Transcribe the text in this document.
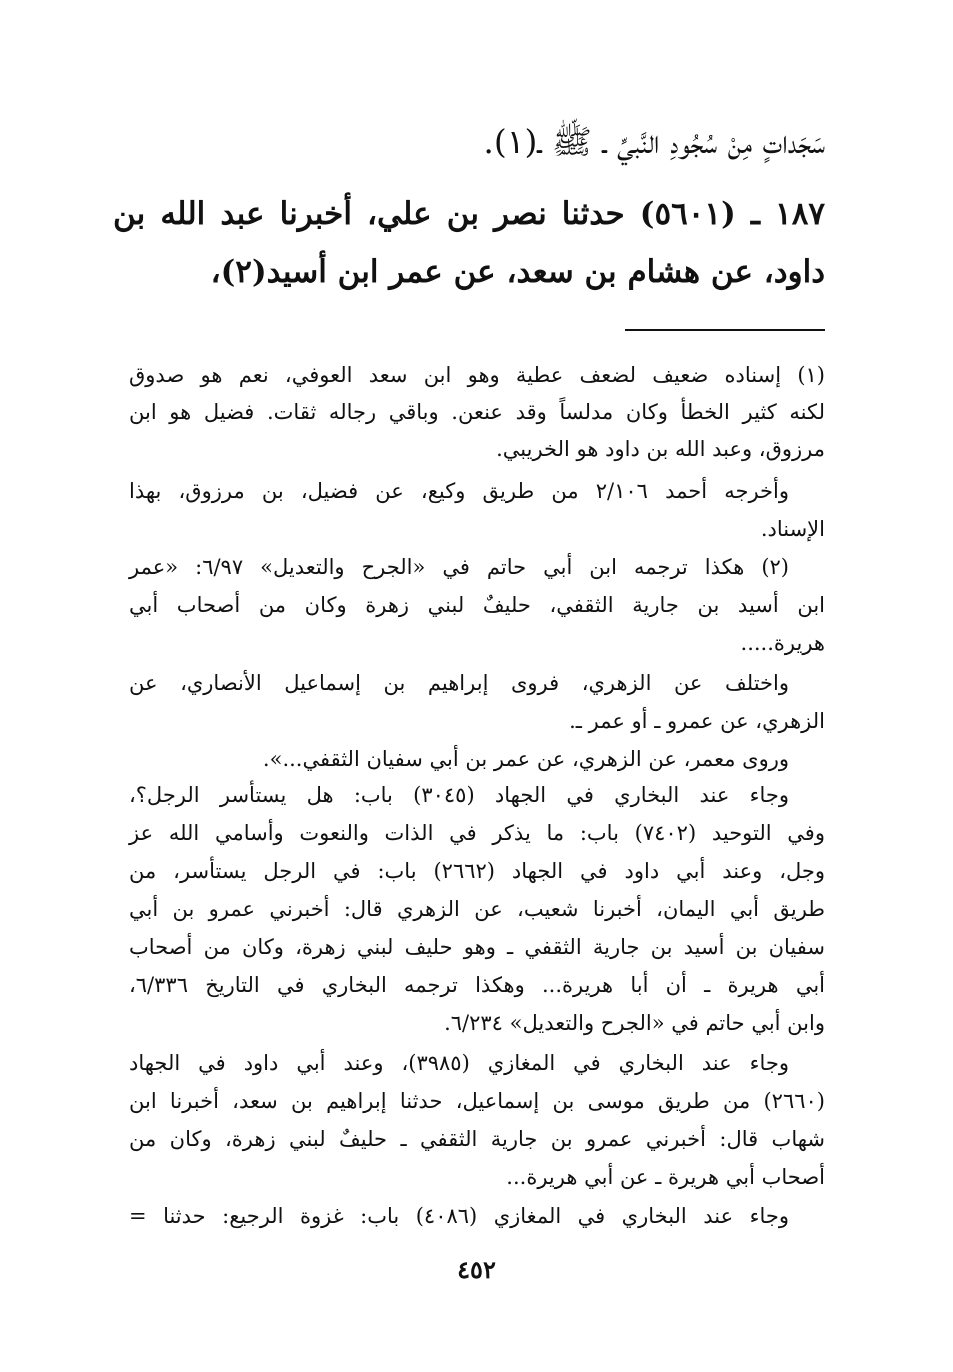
سَجَداتٍ مِنْ سُجُودِ النَّبيِّ ـ ﷺ ـ(١).
١٨٧ ـ (٥٦٠١) حدثنا نصر بن علي، أخبرنا عبد الله بن
داود، عن هشام بن سعد، عن عمر ابن أسيد(٢)،
(١) إسناده ضعيف لضعف عطية وهو ابن سعد العوفي، نعم هو صدوق
لكنه كثير الخطأ وكان مدلساً وقد عنعن. وباقي رجاله ثقات. فضيل هو ابن
مرزوق، وعبد الله بن داود هو الخريبي.
وأخرجه أحمد ٢/١٠٦ من طريق وكيع، عن فضيل، بن مرزوق، بهذا
الإسناد.
(٢) هكذا ترجمه ابن أبي حاتم في «الجرح والتعديل» ٦/٩٧: «عمر
ابن أسيد بن جارية الثقفي، حليفٌ لبني زهرة وكان من أصحاب أبي
هريرة.....
واختلف عن الزهري، فروى إبراهيم بن إسماعيل الأنصاري، عن
الزهري، عن عمرو ـ أو عمر ـ.
وروى معمر، عن الزهري، عن عمر بن أبي سفيان الثقفي...».
وجاء عند البخاري في الجهاد (٣٠٤٥) باب: هل يستأسر الرجل؟،
وفي التوحيد (٧٤٠٢) باب: ما يذكر في الذات والنعوت وأسامي الله عز
وجل، وعند أبي داود في الجهاد (٢٦٦٢) باب: في الرجل يستأسر، من
طريق أبي اليمان، أخبرنا شعيب، عن الزهري قال: أخبرني عمرو بن أبي
سفيان بن أسيد بن جارية الثقفي ـ وهو حليف لبني زهرة، وكان من أصحاب
أبي هريرة ـ أن أبا هريرة... وهكذا ترجمه البخاري في التاريخ ٦/٣٣٦،
وابن أبي حاتم في «الجرح والتعديل» ٦/٢٣٤.
وجاء عند البخاري في المغازي (٣٩٨٥)، وعند أبي داود في الجهاد
(٢٦٦٠) من طريق موسى بن إسماعيل، حدثنا إبراهيم بن سعد، أخبرنا ابن
شهاب قال: أخبرني عمرو بن جارية الثقفي ـ حليفٌ لبني زهرة، وكان من
أصحاب أبي هريرة ـ عن أبي هريرة...
وجاء عند البخاري في المغازي (٤٠٨٦) باب: غزوة الرجيع: حدثنا =
٤٥٢
